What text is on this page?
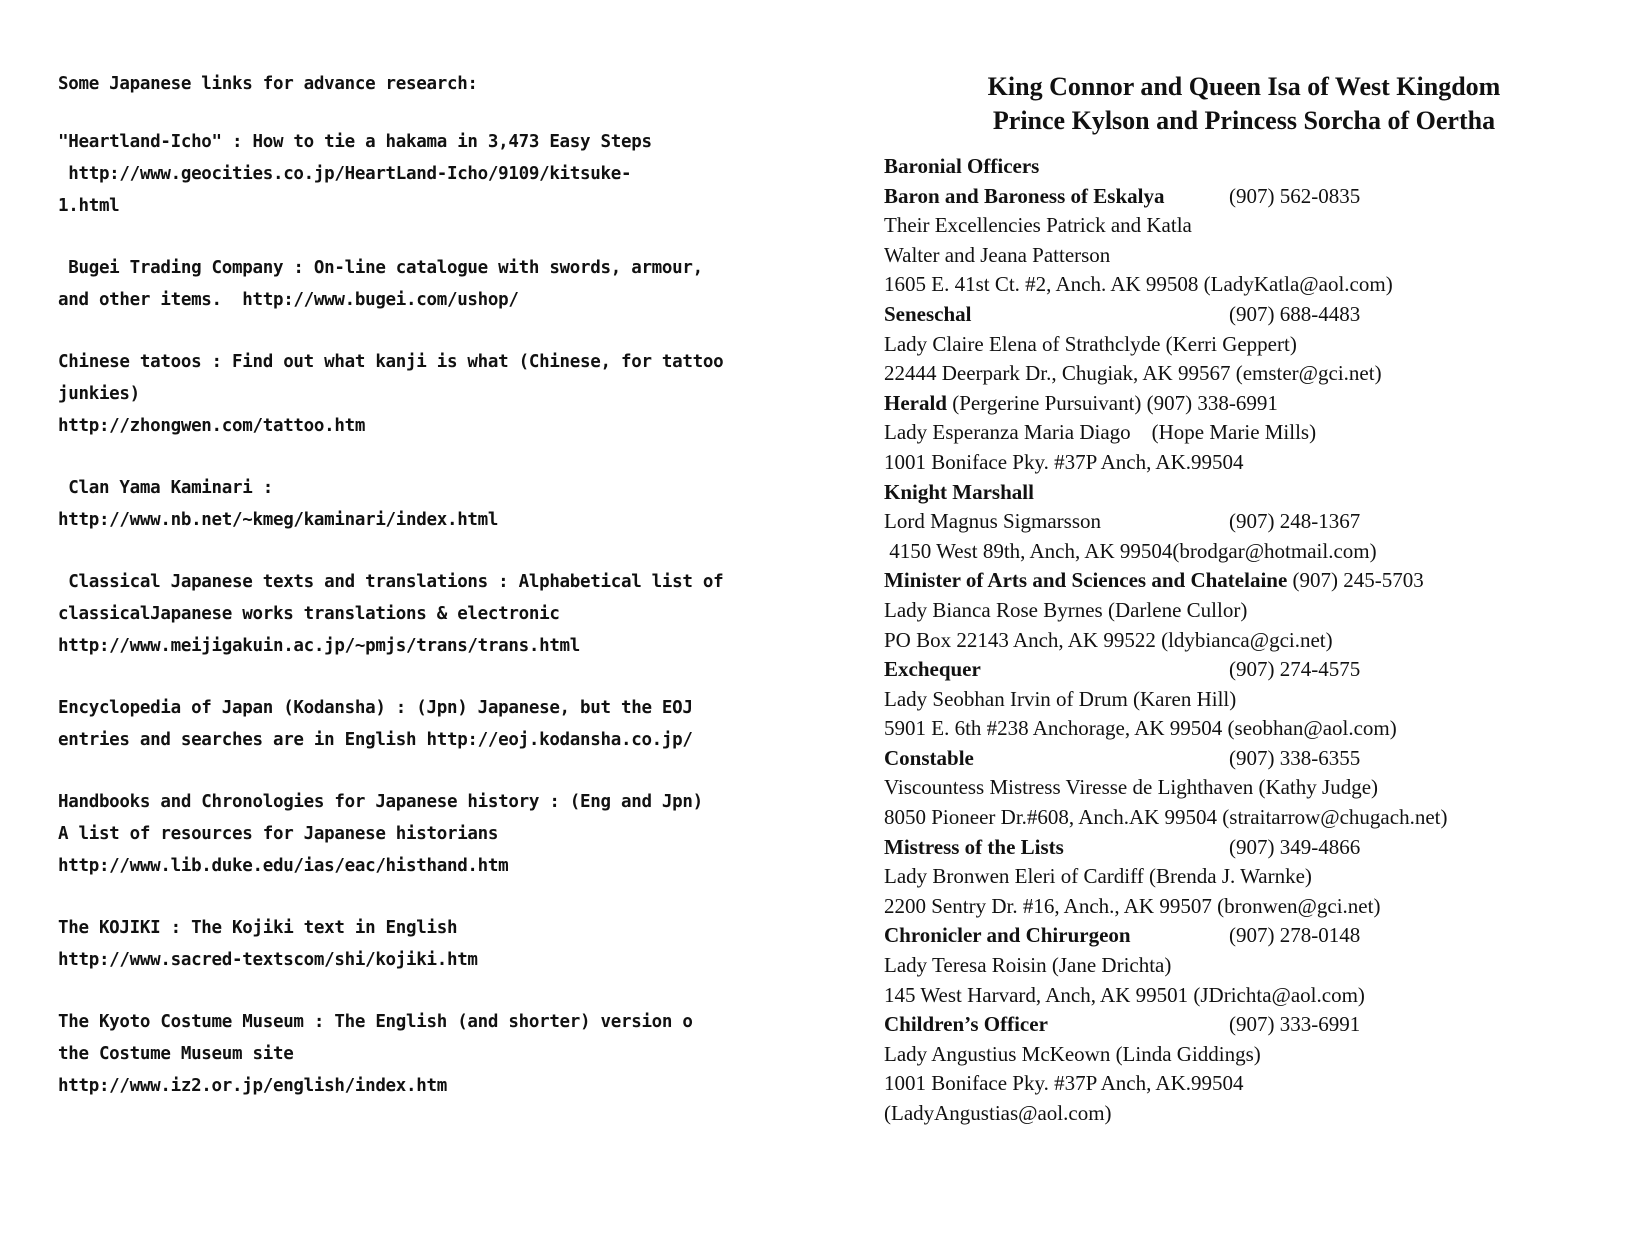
Some Japanese links for advance research:
"Heartland-Icho" : How to tie a hakama in 3,473 Easy Steps
http://www.geocities.co.jp/HeartLand-Icho/9109/kitsuke-
1.html
Bugei Trading Company : On-line catalogue with swords, armour,
and other items.  http://www.bugei.com/ushop/
Chinese tatoos : Find out what kanji is what (Chinese, for tattoo
junkies)
http://zhongwen.com/tattoo.htm
Clan Yama Kaminari :
http://www.nb.net/~kmeg/kaminari/index.html
Classical Japanese texts and translations : Alphabetical list of
classicalJapanese works translations & electronic
http://www.meijigakuin.ac.jp/~pmjs/trans/trans.html
Encyclopedia of Japan (Kodansha) : (Jpn) Japanese, but the EOJ
entries and searches are in English http://eoj.kodansha.co.jp/
Handbooks and Chronologies for Japanese history : (Eng and Jpn)
A list of resources for Japanese historians
http://www.lib.duke.edu/ias/eac/histhand.htm
The KOJIKI : The Kojiki text in English
http://www.sacred-textscom/shi/kojiki.htm
The Kyoto Costume Museum : The English (and shorter) version o
the Costume Museum site
http://www.iz2.or.jp/english/index.htm
King Connor and Queen Isa of West Kingdom
Prince Kylson and Princess Sorcha of Oertha
Baronial Officers
Baron and Baroness of Eskalya	(907) 562-0835
Their Excellencies Patrick and Katla
Walter and Jeana Patterson
1605 E. 41st Ct. #2, Anch. AK 99508 (LadyKatla@aol.com)
Seneschal	(907) 688-4483
Lady Claire Elena of Strathclyde (Kerri Geppert)
22444 Deerpark Dr., Chugiak, AK 99567 (emster@gci.net)
Herald (Pergerine Pursuivant) (907) 338-6991
Lady Esperanza Maria Diago    (Hope Marie Mills)
1001 Boniface Pky. #37P Anch, AK.99504
Knight Marshall
Lord Magnus Sigmarsson	(907) 248-1367
4150 West 89th, Anch, AK 99504(brodgar@hotmail.com)
Minister of Arts and Sciences and Chatelaine (907) 245-5703
Lady Bianca Rose Byrnes (Darlene Cullor)
PO Box 22143 Anch, AK 99522 (ldybianca@gci.net)
Exchequer	(907) 274-4575
Lady Seobhan Irvin of Drum (Karen Hill)
5901 E. 6th #238 Anchorage, AK 99504 (seobhan@aol.com)
Constable	(907) 338-6355
Viscountess Mistress Viresse de Lighthaven (Kathy Judge)
8050 Pioneer Dr.#608, Anch.AK 99504 (straitarrow@chugach.net)
Mistress of the Lists	(907) 349-4866
Lady Bronwen Eleri of Cardiff (Brenda J. Warnke)
2200 Sentry Dr. #16, Anch., AK 99507 (bronwen@gci.net)
Chronicler and Chirurgeon	(907) 278-0148
Lady Teresa Roisin (Jane Drichta)
145 West Harvard, Anch, AK 99501 (JDrichta@aol.com)
Children’s Officer	(907) 333-6991
Lady Angustius McKeown (Linda Giddings)
1001 Boniface Pky. #37P Anch, AK.99504
(LadyAngustias@aol.com)
